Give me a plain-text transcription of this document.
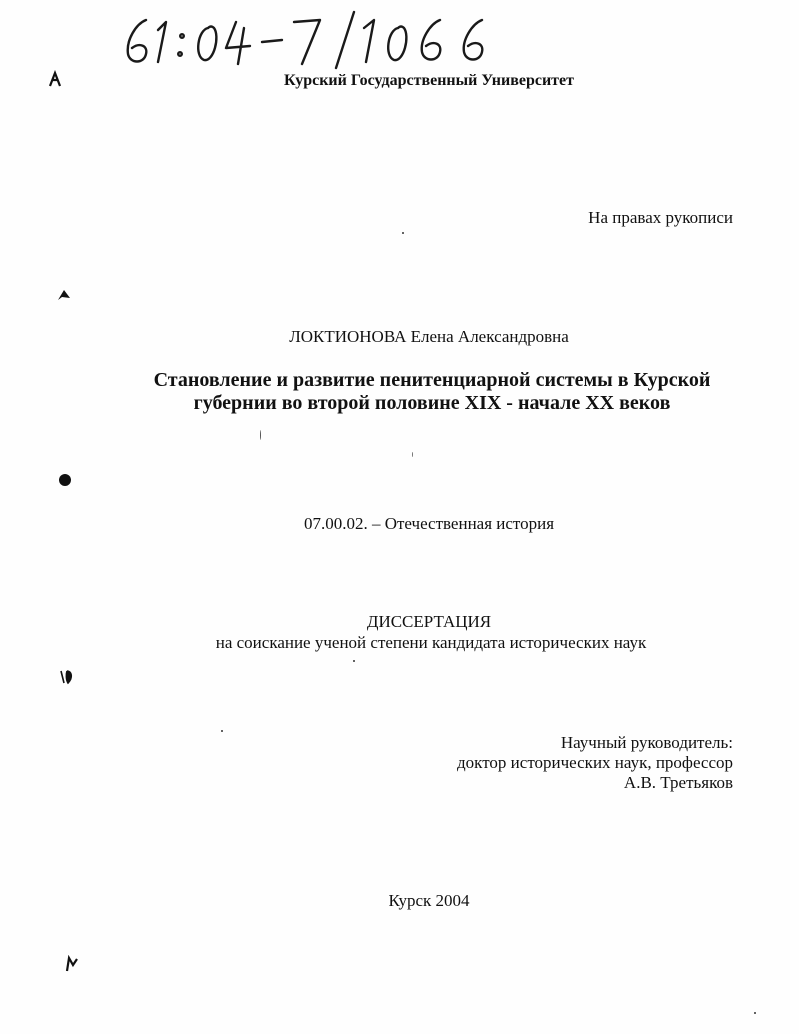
Курский Государственный Университет
На правах рукописи
ЛОКТИОНОВА Елена Александровна
Становление и развитие пенитенциарной системы в Курской
губернии во второй половине XIX - начале XX веков
07.00.02. – Отечественная история
ДИССЕРТАЦИЯ
на соискание ученой степени кандидата исторических наук
Научный руководитель:
доктор исторических наук, профессор
А.В. Третьяков
Курск 2004
